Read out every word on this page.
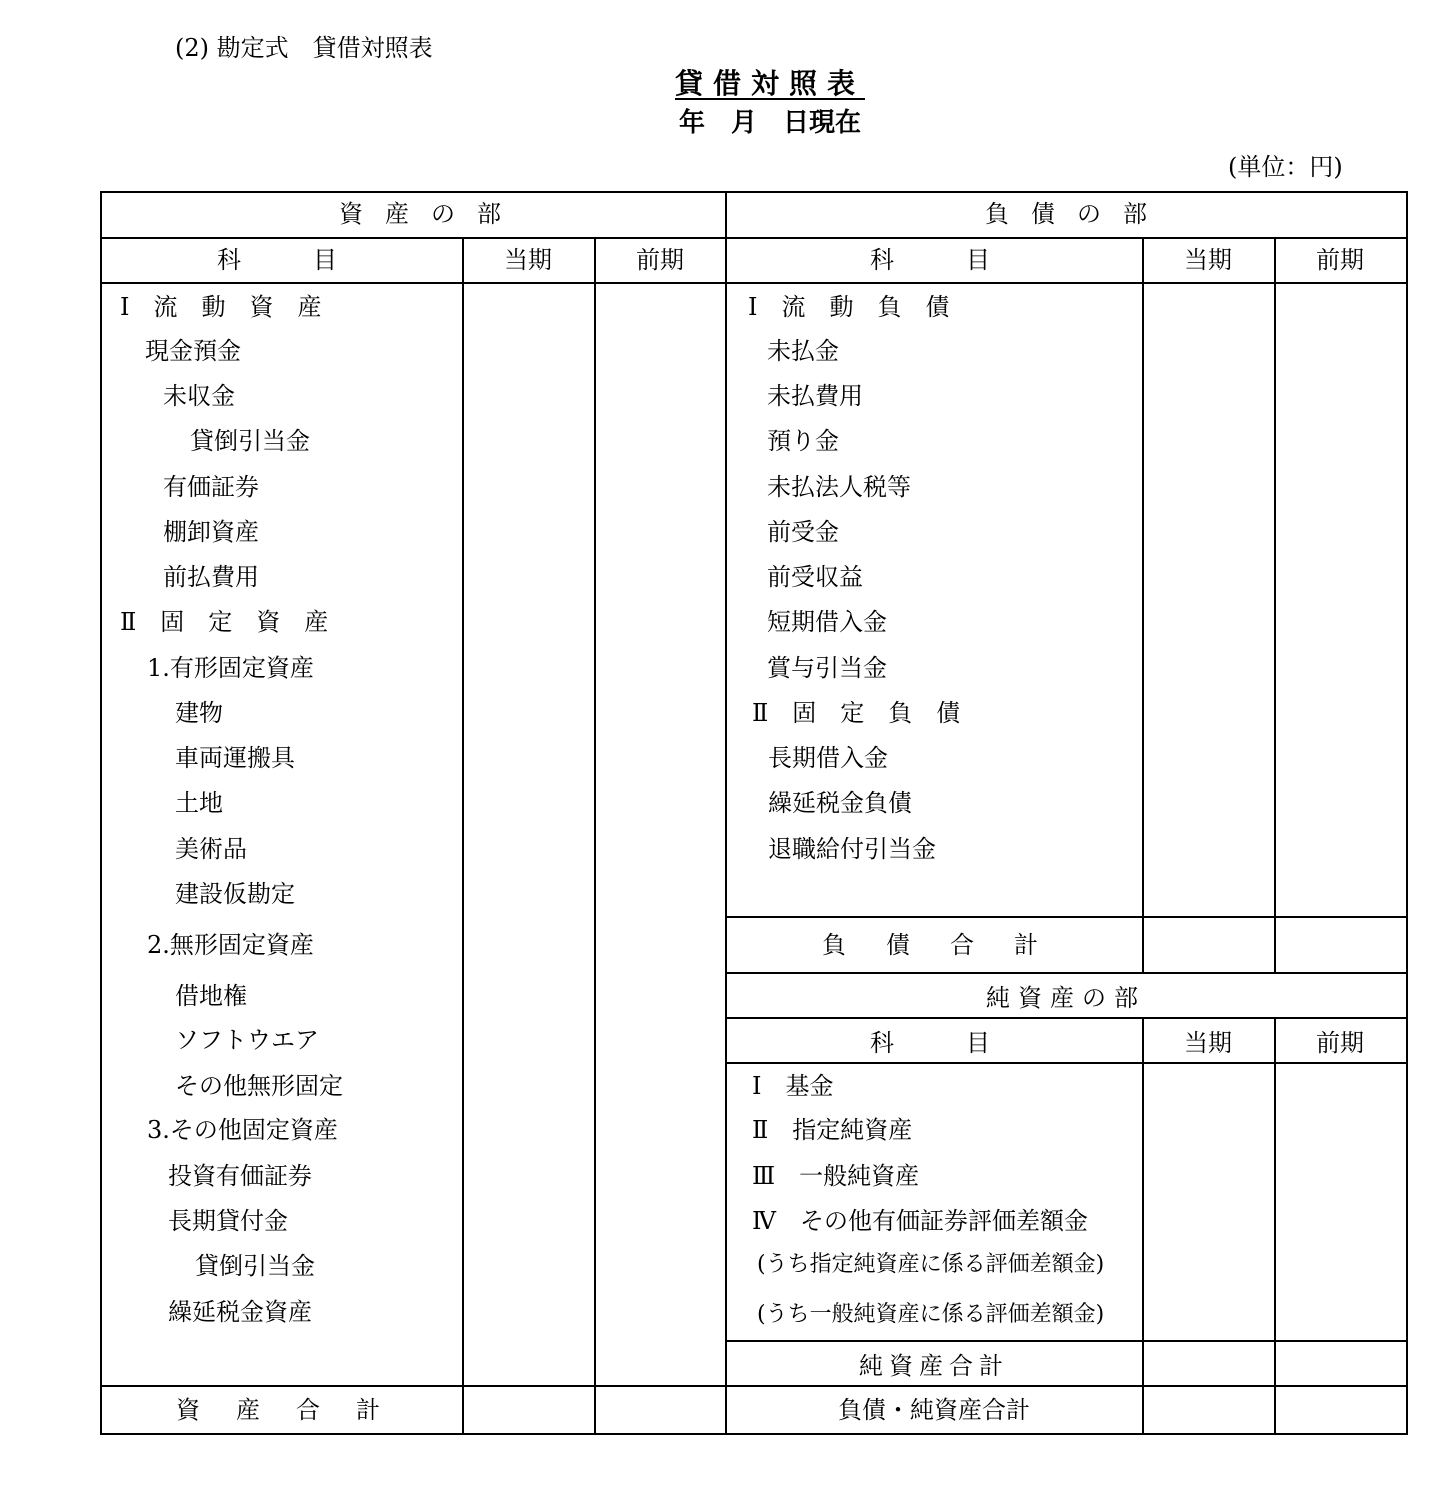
(2) 勘定式　貸借対照表
貸借対照表
年　月　日現在
(単位：円)
資産の部
科　　目	当期	前期
Ⅰ　流　動　資　産
現金預金
未収金
貸倒引当金
有価証券
棚卸資産
前払費用
Ⅱ　固　定　資　産
1.有形固定資産
建物
車両運搬具
土地
美術品
建設仮勘定
2.無形固定資産
借地権
ソフトウエア
その他無形固定
3.その他固定資産
投資有価証券
長期貸付金
貸倒引当金
繰延税金資産
資　産　合　計
負債の部
科　　目	当期	前期
Ⅰ　流　動　負　債
未払金
未払費用
預り金
未払法人税等
前受金
前受収益
短期借入金
賞与引当金
Ⅱ　固　定　負　債
長期借入金
繰延税金負債
退職給付引当金
負　債　合　計
純資産の部
科　　目	当期	前期
Ⅰ　基金
Ⅱ　指定純資産
Ⅲ　一般純資産
Ⅳ　その他有価証券評価差額金
(うち指定純資産に係る評価差額金)
(うち一般純資産に係る評価差額金)
純資産合計
負債・純資産合計
